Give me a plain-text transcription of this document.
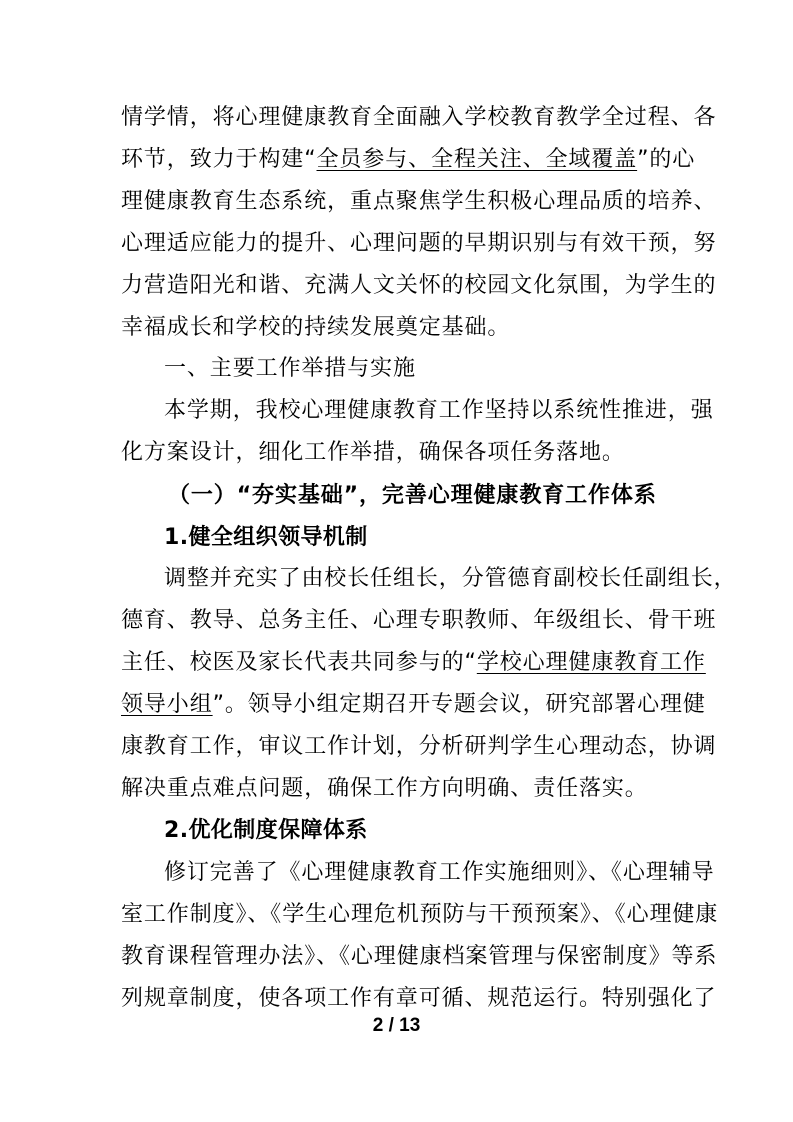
情学情，将心理健康教育全面融入学校教育教学全过程、各
环节，致力于构建“全员参与、全程关注、全域覆盖”的心
理健康教育生态系统，重点聚焦学生积极心理品质的培养、
心理适应能力的提升、心理问题的早期识别与有效干预，努
力营造阳光和谐、充满人文关怀的校园文化氛围，为学生的
幸福成长和学校的持续发展奠定基础。
一、主要工作举措与实施
本学期，我校心理健康教育工作坚持以系统性推进，强
化方案设计，细化工作举措，确保各项任务落地。
（一）“夯实基础”，完善心理健康教育工作体系
1.健全组织领导机制
调整并充实了由校长任组长，分管德育副校长任副组长，
德育、教导、总务主任、心理专职教师、年级组长、骨干班
主任、校医及家长代表共同参与的“学校心理健康教育工作
领导小组”。领导小组定期召开专题会议，研究部署心理健
康教育工作，审议工作计划，分析研判学生心理动态，协调
解决重点难点问题，确保工作方向明确、责任落实。
2.优化制度保障体系
修订完善了《心理健康教育工作实施细则》、《心理辅导
室工作制度》、《学生心理危机预防与干预预案》、《心理健康
教育课程管理办法》、《心理健康档案管理与保密制度》等系
列规章制度，使各项工作有章可循、规范运行。特别强化了
2 / 13
